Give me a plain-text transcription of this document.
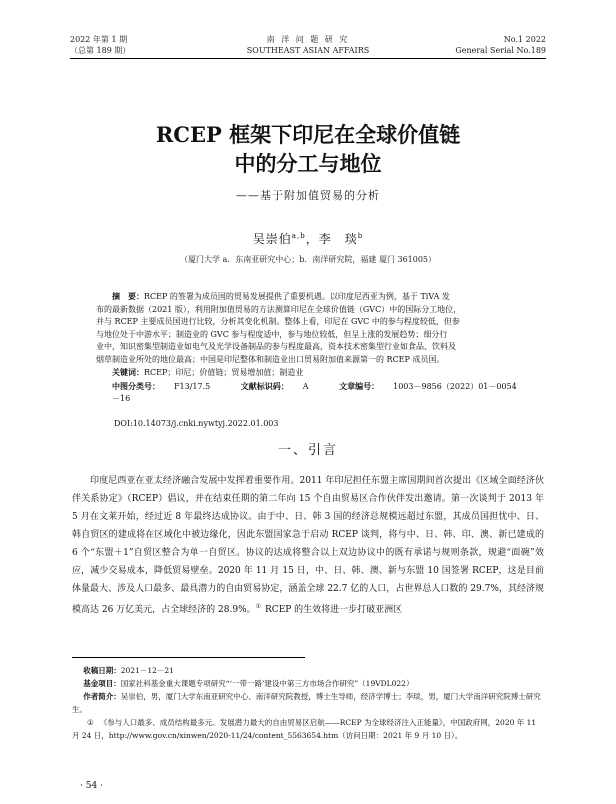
2022 年第 1 期
（总第 189 期）
南 洋 问 题 研 究
SOUTHEAST ASIAN AFFAIRS
No.1 2022
General Serial No.189
RCEP 框架下印尼在全球价值链
中的分工与地位
——基于附加值贸易的分析
吴崇伯$^{a,b}$，李　琰$^b$
（厦门大学 a．东南亚研究中心；b．南洋研究院，福建 厦门 361005）
摘　要：RCEP 的签署为成员国的贸易发展提供了重要机遇。以印度尼西亚为例，基于 TiVA 发
布的最新数据（2021 版），利用附加值贸易的方法测算印尼在全球价值链（GVC）中的国际分工地位，
并与 RCEP 主要成员国进行比较，分析其变化机制。整体上看，印尼在 GVC 中的参与程度较低，但参
与地位处于中游水平；制造业的 GVC 参与程度适中，参与地位较低，但呈上涨的发展趋势；细分行
业中，知识密集型制造业如电气及光学设备制品的参与程度最高，资本技术密集型行业如食品、饮料及
烟草制造业所处的地位最高；中国是印尼整体和制造业出口贸易附加值来源第一的 RCEP 成员国。
关键词：RCEP；印尼；价值链；贸易增加值；制造业
中图分类号： F13/17.5	文献标识码： A	文章编号： 1003－9856（2022）01－0054－16
DOI:10.14073/j.cnki.nywtyj.2022.01.003
一、引言

印度尼西亚在亚太经济融合发展中发挥着重要作用。2011 年印尼担任东盟主席国期间首次提出《区域全面经济伙伴关系协定》（RCEP）倡议，并在结束任期的第二年向 15 个自由贸易区合作伙伴发出邀请。第一次谈判于 2013 年 5 月在文莱开始，经过近 8 年最终达成协议。由于中、日、韩 3 国的经济总规模远超过东盟，其成员国担忧中、日、韩自贸区的建成将在区域化中被边缘化，因此东盟国家急于启动 RCEP 谈判，将与中、日、韩、印、澳、新已建成的 6 个“东盟＋1”自贸区整合为单一自贸区。协议的达成将整合以上双边协议中的既有承诺与规则条款，规避“面碗”效应，减少交易成本，降低贸易壁垒。2020 年 11 月 15 日，中、日、韩、澳、新与东盟 10 国签署 RCEP，这是目前体量最大、涉及人口最多、最具潜力的自由贸易协定，涵盖全球 22.7 亿的人口，占世界总人口数的 29.7%，其经济规模高达 26 万亿美元，占全球经济的 28.9%。① RCEP 的生效将进一步打破亚洲区

收稿日期：2021－12－21
基金项目：国家社科基金重大课题专项研究“‘一带一路’建设中第三方市场合作研究”（19VDL022）
作者简介：吴崇伯，男，厦门大学东南亚研究中心、南洋研究院教授，博士生导师，经济学博士；李琰，男，厦门大学南洋研究院博士研究生。
① 《参与人口最多、成员结构最多元、发展潜力最大的自由贸易区启航——RCEP 为全球经济注入正能量》，中国政府网，2020 年 11 月 24 日，http://www.gov.cn/xinwen/2020-11/24/content_5563654.htm（访问日期：2021 年 9 月 10 日）。
· 54 ·
